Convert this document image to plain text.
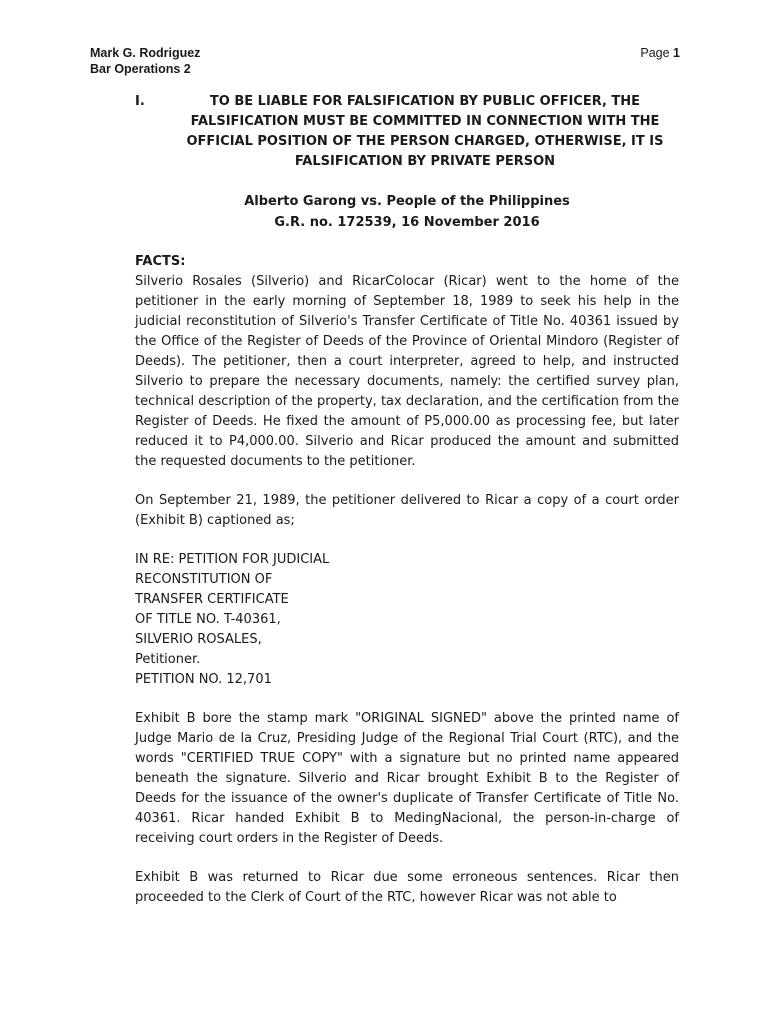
Mark G. Rodriguez
Bar Operations 2
Page 1
I.	TO BE LIABLE FOR FALSIFICATION BY PUBLIC OFFICER, THE FALSIFICATION MUST BE COMMITTED IN CONNECTION WITH THE OFFICIAL POSITION OF THE PERSON CHARGED, OTHERWISE, IT IS FALSIFICATION BY PRIVATE PERSON
Alberto Garong vs. People of the Philippines
G.R. no. 172539, 16 November 2016
FACTS:

Silverio Rosales (Silverio) and RicarColocar (Ricar) went to the home of the petitioner in the early morning of September 18, 1989 to seek his help in the judicial reconstitution of Silverio's Transfer Certificate of Title No. 40361 issued by the Office of the Register of Deeds of the Province of Oriental Mindoro (Register of Deeds). The petitioner, then a court interpreter, agreed to help, and instructed Silverio to prepare the necessary documents, namely: the certified survey plan, technical description of the property, tax declaration, and the certification from the Register of Deeds. He fixed the amount of P5,000.00 as processing fee, but later reduced it to P4,000.00. Silverio and Ricar produced the amount and submitted the requested documents to the petitioner.

On September 21, 1989, the petitioner delivered to Ricar a copy of a court order (Exhibit B) captioned as;

IN RE: PETITION FOR JUDICIAL
RECONSTITUTION OF
TRANSFER CERTIFICATE
OF TITLE NO. T-40361,
SILVERIO ROSALES,
Petitioner.
PETITION NO. 12,701

Exhibit B bore the stamp mark "ORIGINAL SIGNED" above the printed name of Judge Mario de la Cruz, Presiding Judge of the Regional Trial Court (RTC), and the words "CERTIFIED TRUE COPY" with a signature but no printed name appeared beneath the signature. Silverio and Ricar brought Exhibit B to the Register of Deeds for the issuance of the owner's duplicate of Transfer Certificate of Title No. 40361. Ricar handed Exhibit B to MedingNacional, the person-in-charge of receiving court orders in the Register of Deeds.

Exhibit B was returned to Ricar due some erroneous sentences. Ricar then proceeded to the Clerk of Court of the RTC, however Ricar was not able to
